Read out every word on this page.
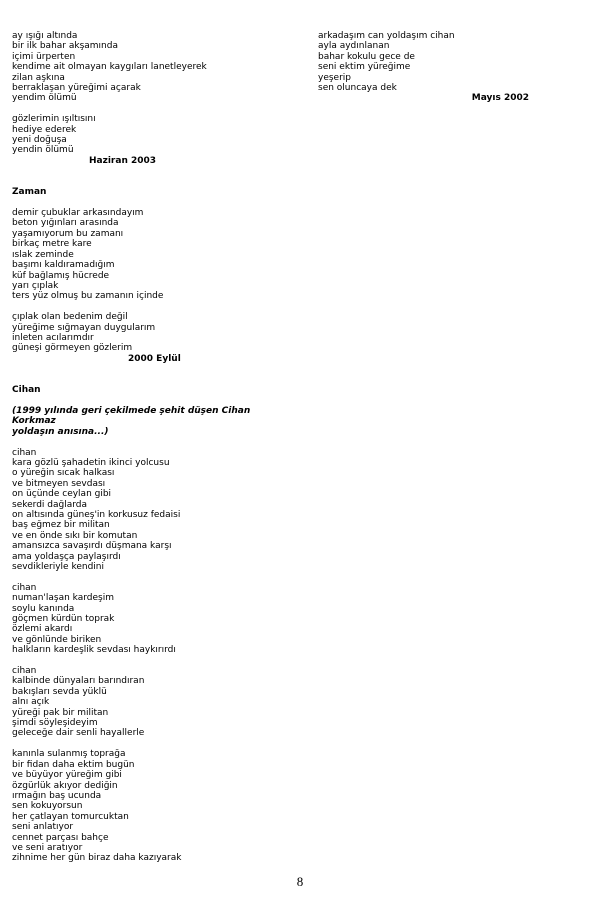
ay ışığı altında
bir ilk bahar akşamında
içimi ürperten
kendime ait olmayan kaygıları lanetleyerek
zilan aşkına
berraklaşan yüreğimi açarak
yendim ölümü
gözlerimin ışıltısını
hediye ederek
yeni doğuşa
yendin ölümü
Haziran 2003
Zaman
demir çubuklar arkasındayım
beton yığınları arasında
yaşamıyorum bu zamanı
birkaç metre kare
ıslak zeminde
başımı kaldıramadığım
küf bağlamış hücrede
yarı çıplak
ters yüz olmuş bu zamanın içinde
çıplak olan bedenim değil
yüreğime sığmayan duygularım
inleten acılarımdır
güneşi görmeyen gözlerim
2000 Eylül
Cihan
(1999 yılında geri çekilmede şehit düşen Cihan Korkmaz
yoldaşın anısına...)
cihan
kara gözlü şahadetin ikinci yolcusu
o yüreğin sıcak halkası
ve bitmeyen sevdası
on üçünde ceylan gibi
sekerdi dağlarda
on altısında güneş'in korkusuz fedaisi
baş eğmez bir militan
ve en önde sıkı bir komutan
amansızca savaşırdı düşmana karşı
ama yoldaşça paylaşırdı
sevdikleriyle kendini
cihan
numan'laşan kardeşim
soylu kanında
göçmen kürdün toprak
özlemi akardı
ve gönlünde biriken
halkların kardeşlik sevdası haykırırdı
cihan
kalbinde dünyaları barındıran
bakışları sevda yüklü
alnı açık
yüreği pak bir militan
şimdi söyleşideyim
geleceğe dair senli hayallerle
kanınla sulanmış toprağa
bir fidan daha ektim bugün
ve büyüyor yüreğim gibi
özgürlük akıyor dediğin
ırmağın baş ucunda
sen kokuyorsun
her çatlayan tomurcuktan
seni anlatıyor
cennet parçası bahçe
ve seni aratıyor
zihnime her gün biraz daha kazıyarak
arkadaşım can yoldaşım cihan
ayla aydınlanan
bahar kokulu gece de
seni ektim yüreğime
yeşerip
sen oluncaya dek
Mayıs 2002
8
